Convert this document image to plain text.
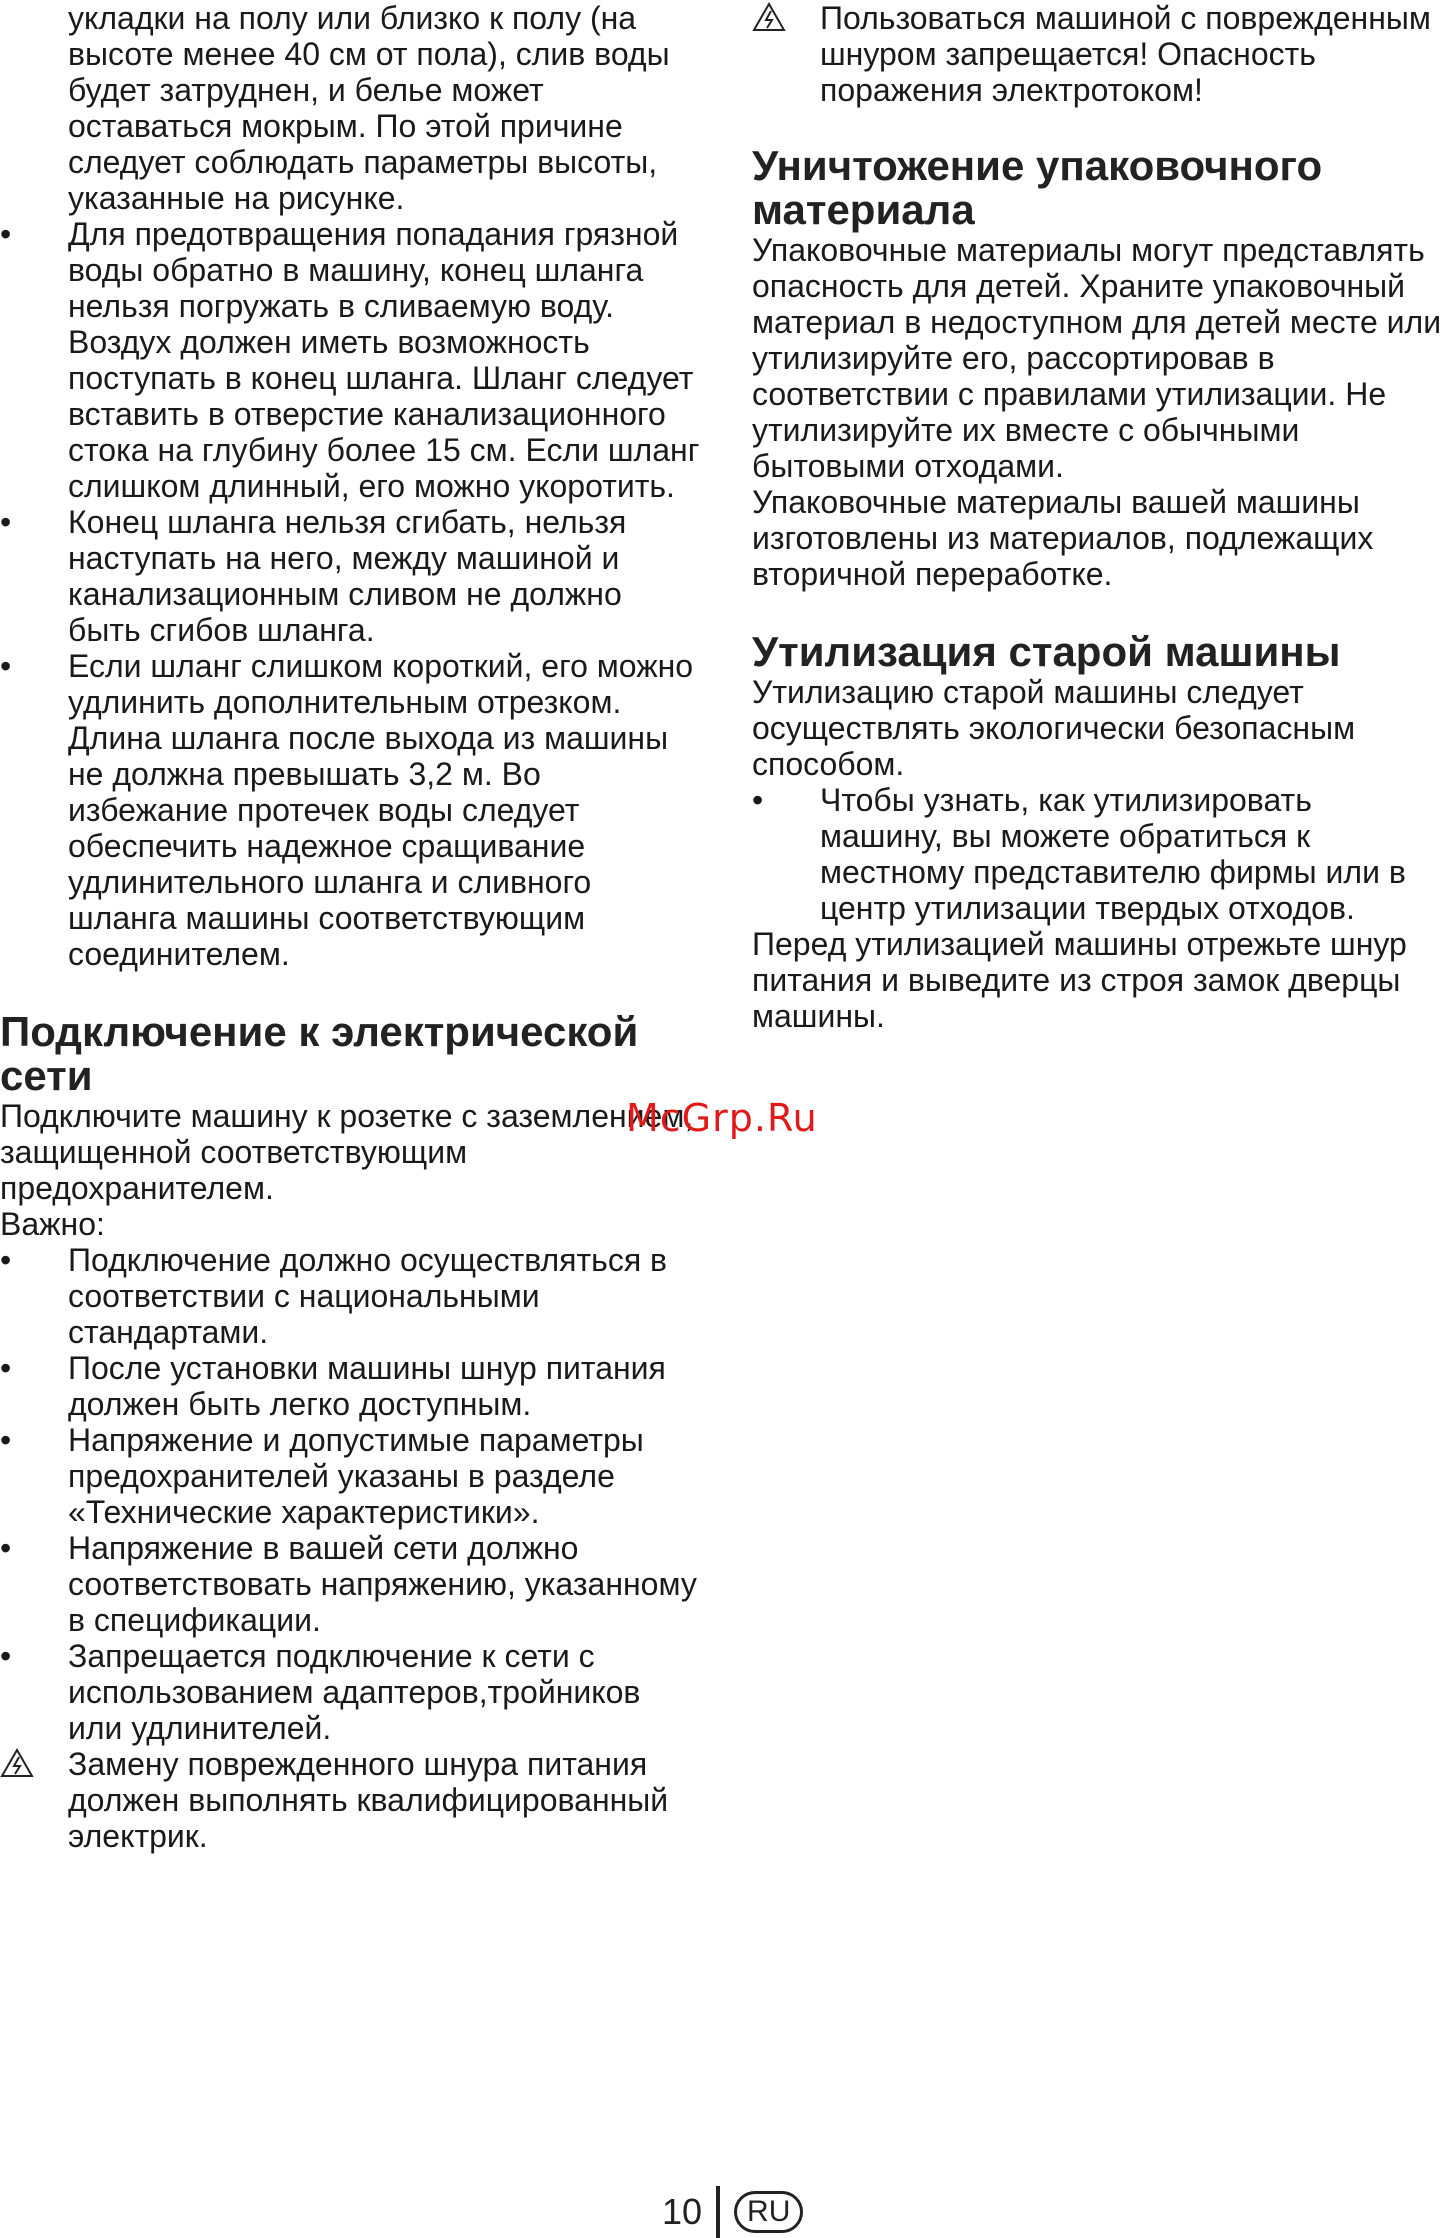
укладки на полу или близко к полу (на высоте менее 40 см от пола), слив воды будет затруднен, и белье может оставаться мокрым. По этой причине следует соблюдать параметры высоты, указанные на рисунке.

•	Для предотвращения попадания грязной воды обратно в машину, конец шланга нельзя погружать в сливаемую воду. Воздух должен иметь возможность поступать в конец шланга. Шланг следует вставить в отверстие канализационного стока на глубину более 15 см. Если шланг слишком длинный, его можно укоротить.
•	Конец шланга нельзя сгибать, нельзя наступать на него, между машиной и канализационным сливом не должно быть сгибов шланга.
•	Если шланг слишком короткий, его можно удлинить дополнительным отрезком. Длина шланга после выхода из машины не должна превышать 3,2 м. Во избежание протечек воды следует обеспечить надежное сращивание удлинительного шланга и сливного шланга машины соответствующим соединителем.
Подключение к электрической сети

Подключите машину к розетке с заземлением, защищенной соответствующим предохранителем.

Важно:

•	Подключение должно осуществляться в соответствии с национальными стандартами.
•	После установки машины шнур питания должен быть легко доступным.
•	Напряжение и допустимые параметры предохранителей указаны в разделе «Технические характеристики».
•	Напряжение в вашей сети должно соответствовать напряжению, указанному в спецификации.
•	Запрещается подключение к сети с использованием адаптеров,тройников или удлинителей.
Замену поврежденного шнура питания должен выполнять квалифицированный электрик.
Пользоваться машиной с поврежденным шнуром запрещается! Опасность поражения электротоком!
Уничтожение упаковочного материала

Упаковочные материалы могут представлять опасность для детей. Храните упаковочный материал в недоступном для детей месте или утилизируйте его, рассортировав в соответствии с правилами утилизации. Не утилизируйте их вместе с обычными бытовыми отходами.

Упаковочные материалы вашей машины изготовлены из материалов, подлежащих вторичной переработке.

Утилизация старой машины

Утилизацию старой машины следует осуществлять экологически безопасным способом.

•	Чтобы узнать, как утилизировать машину, вы можете обратиться к местному представителю фирмы или в центр утилизации твердых отходов.

Перед утилизацией машины отрежьте шнур питания и выведите из строя замок дверцы машины.

McGrp.Ru
10	RU
